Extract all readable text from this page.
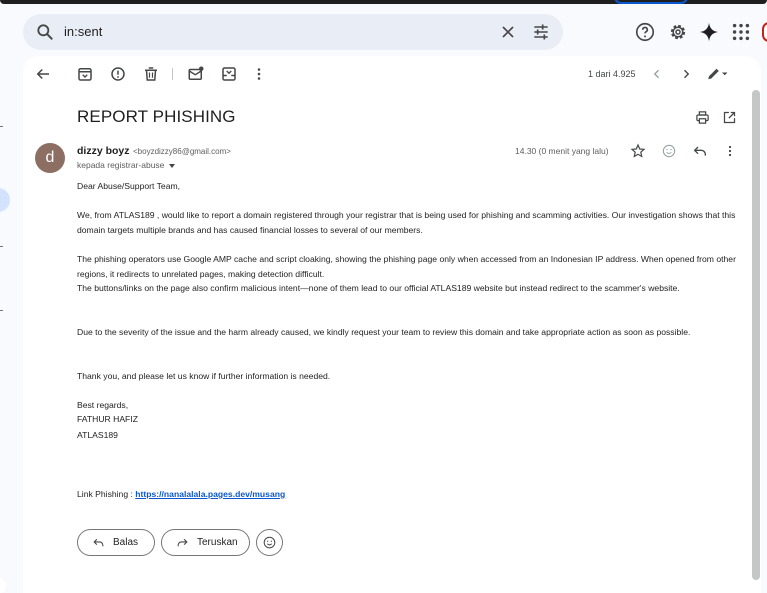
in:sent
1 dari 4.925
REPORT PHISHING
d	dizzy boyz <boyzdizzy86@gmail.com>
kepada registrar-abuse
14.30 (0 menit yang lalu)
Dear Abuse/Support Team,
We, from ATLAS189 , would like to report a domain registered through your registrar that is being used for phishing and scamming activities. Our investigation shows that this domain targets multiple brands and has caused financial losses to several of our members.
The phishing operators use Google AMP cache and script cloaking, showing the phishing page only when accessed from an Indonesian IP address. When opened from other regions, it redirects to unrelated pages, making detection difficult.
The buttons/links on the page also confirm malicious intent—none of them lead to our official ATLAS189 website but instead redirect to the scammer's website.
Due to the severity of the issue and the harm already caused, we kindly request your team to review this domain and take appropriate action as soon as possible.
Thank you, and please let us know if further information is needed.
Best regards,
FATHUR HAFIZ
ATLAS189
Link Phishing : https://nanalalala.pages.dev/musang
Balas	Teruskan
